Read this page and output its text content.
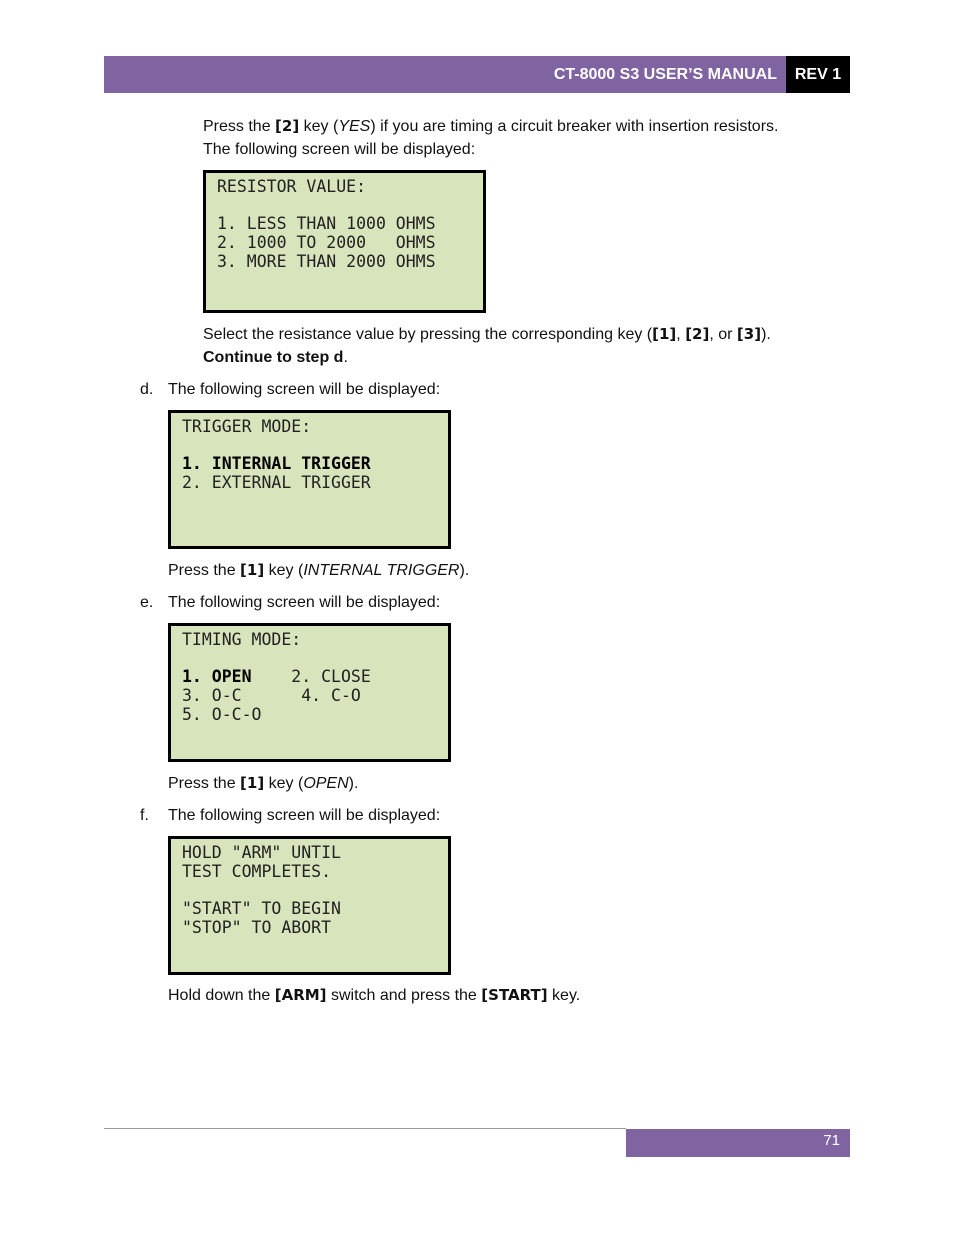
CT-8000 S3 USER’S MANUAL	REV 1
Press the [2] key (YES) if you are timing a circuit breaker with insertion resistors.
The following screen will be displayed:
RESISTOR VALUE:
1. LESS THAN 1000 OHMS
2. 1000 TO 2000   OHMS
3. MORE THAN 2000 OHMS
Select the resistance value by pressing the corresponding key ([1], [2], or [3]).
Continue to step d.
d. The following screen will be displayed:
TRIGGER MODE:
1. INTERNAL TRIGGER
2. EXTERNAL TRIGGER
Press the [1] key (INTERNAL TRIGGER).
e. The following screen will be displayed:
TIMING MODE:
1. OPEN    2. CLOSE
3. O-C      4. C-O
5. O-C-O
Press the [1] key (OPEN).
f. The following screen will be displayed:
HOLD "ARM" UNTIL
TEST COMPLETES.
"START" TO BEGIN
"STOP" TO ABORT
Hold down the [ARM] switch and press the [START] key.
71
